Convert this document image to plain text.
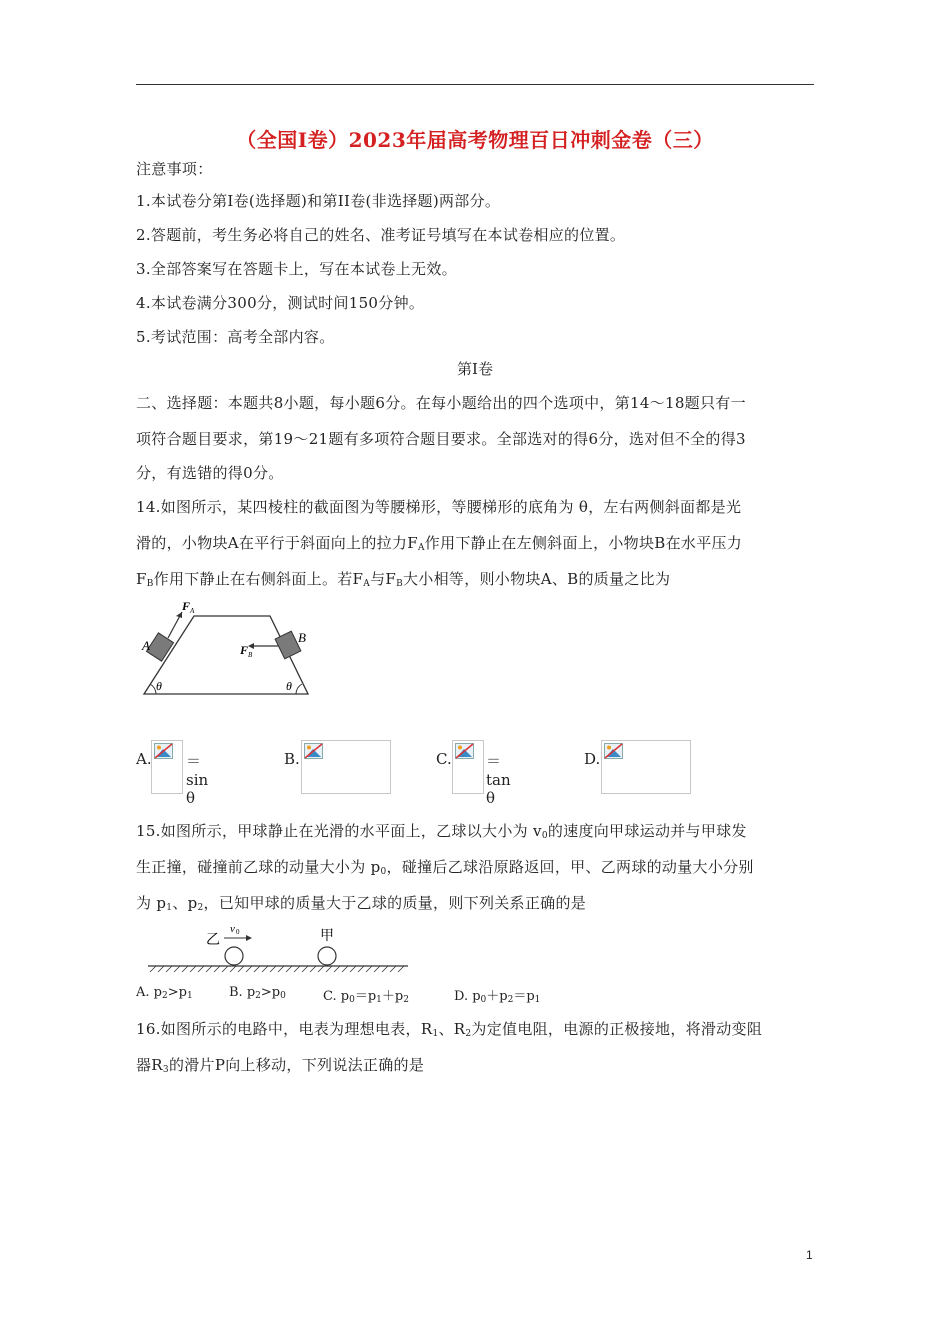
（全国Ⅰ卷）2023年届高考物理百日冲刺金卷（三）
注意事项：
1.本试卷分第Ⅰ卷(选择题)和第II卷(非选择题)两部分。
2.答题前，考生务必将自己的姓名、准考证号填写在本试卷相应的位置。
3.全部答案写在答题卡上，写在本试卷上无效。
4.本试卷满分300分，测试时间150分钟。
5.考试范围：高考全部内容。
第Ⅰ卷
二、选择题：本题共8小题，每小题6分。在每小题给出的四个选项中，第14～18题只有一
项符合题目要求，第19～21题有多项符合题目要求。全部选对的得6分，选对但不全的得3
分，有选错的得0分。
14.如图所示，某四棱柱的截面图为等腰梯形，等腰梯形的底角为 θ，左右两侧斜面都是光
滑的，小物块A在平行于斜面向上的拉力$F_A$作用下静止在左侧斜面上，小物块B在水平压力
$F_B$作用下静止在右侧斜面上。若$F_A$与$F_B$大小相等，则小物块A、B的质量之比为
F A
A
B
F B
θ	θ
A. ＝sin θ
B.	C. ＝tan θ
D.
15.如图所示，甲球静止在光滑的水平面上，乙球以大小为 $v_0$的速度向甲球运动并与甲球发
生正撞，碰撞前乙球的动量大小为 $p_0$，碰撞后乙球沿原路返回，甲、乙两球的动量大小分别
为 $p_1$、$p_2$，已知甲球的质量大于乙球的质量，则下列关系正确的是
乙
v 0	甲
A. $p_2>p_1$	B. $p_2>p_0$	C. $p_0=p_1+p_2$	D. $p_0+p_2=p_1$
16.如图所示的电路中，电表为理想电表，$R_1$、$R_2$为定值电阻，电源的正极接地，将滑动变阻
器$R_3$的滑片P向上移动，下列说法正确的是
1
